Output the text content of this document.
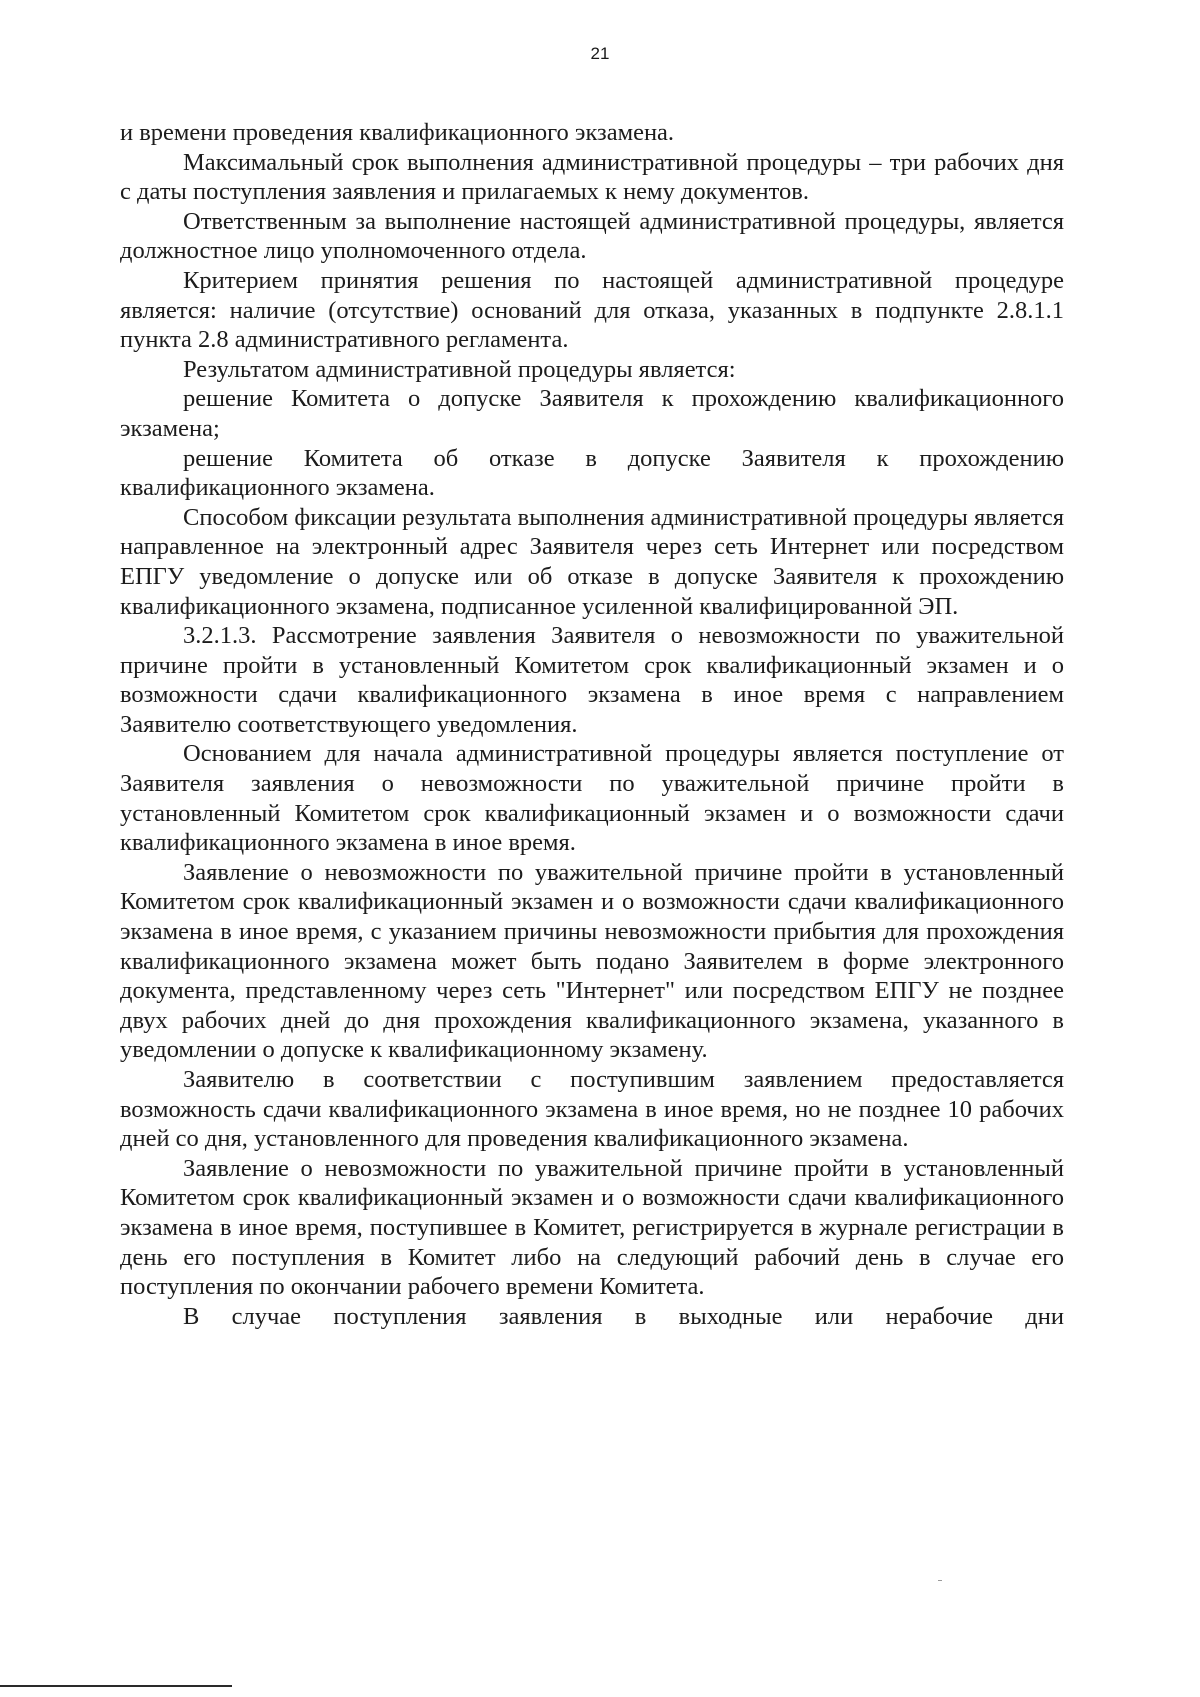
21

и времени проведения квалификационного экзамена.

Максимальный срок выполнения административной процедуры – три рабочих дня с даты поступления заявления и прилагаемых к нему документов.

Ответственным за выполнение настоящей административной процедуры, является должностное лицо уполномоченного отдела.

Критерием принятия решения по настоящей административной процедуре является: наличие (отсутствие) оснований для отказа, указанных в подпункте 2.8.1.1 пункта 2.8 административного регламента.

Результатом административной процедуры является:

решение Комитета о допуске Заявителя к прохождению квалификационного экзамена;

решение Комитета об отказе в допуске Заявителя к прохождению квалификационного экзамена.

Способом фиксации результата выполнения административной процедуры является направленное на электронный адрес Заявителя через сеть Интернет или посредством ЕПГУ уведомление о допуске или об отказе в допуске Заявителя к прохождению квалификационного экзамена, подписанное усиленной квалифицированной ЭП.

3.2.1.3. Рассмотрение заявления Заявителя о невозможности по уважительной причине пройти в установленный Комитетом срок квалификационный экзамен и о возможности сдачи квалификационного экзамена в иное время с направлением Заявителю соответствующего уведомления.

Основанием для начала административной процедуры является поступление от Заявителя заявления о невозможности по уважительной причине пройти в установленный Комитетом срок квалификационный экзамен и о возможности сдачи квалификационного экзамена в иное время.

Заявление о невозможности по уважительной причине пройти в установленный Комитетом срок квалификационный экзамен и о возможности сдачи квалификационного экзамена в иное время, с указанием причины невозможности прибытия для прохождения квалификационного экзамена может быть подано Заявителем в форме электронного документа, представленному через сеть "Интернет" или посредством ЕПГУ не позднее двух рабочих дней до дня прохождения квалификационного экзамена, указанного в уведомлении о допуске к квалификационному экзамену.

Заявителю в соответствии с поступившим заявлением предоставляется возможность сдачи квалификационного экзамена в иное время, но не позднее 10 рабочих дней со дня, установленного для проведения квалификационного экзамена.

Заявление о невозможности по уважительной причине пройти в установленный Комитетом срок квалификационный экзамен и о возможности сдачи квалификационного экзамена в иное время, поступившее в Комитет, регистрируется в журнале регистрации в день его поступления в Комитет либо на следующий рабочий день в случае его поступления по окончании рабочего времени Комитета.

В случае поступления заявления в выходные или нерабочие дни
